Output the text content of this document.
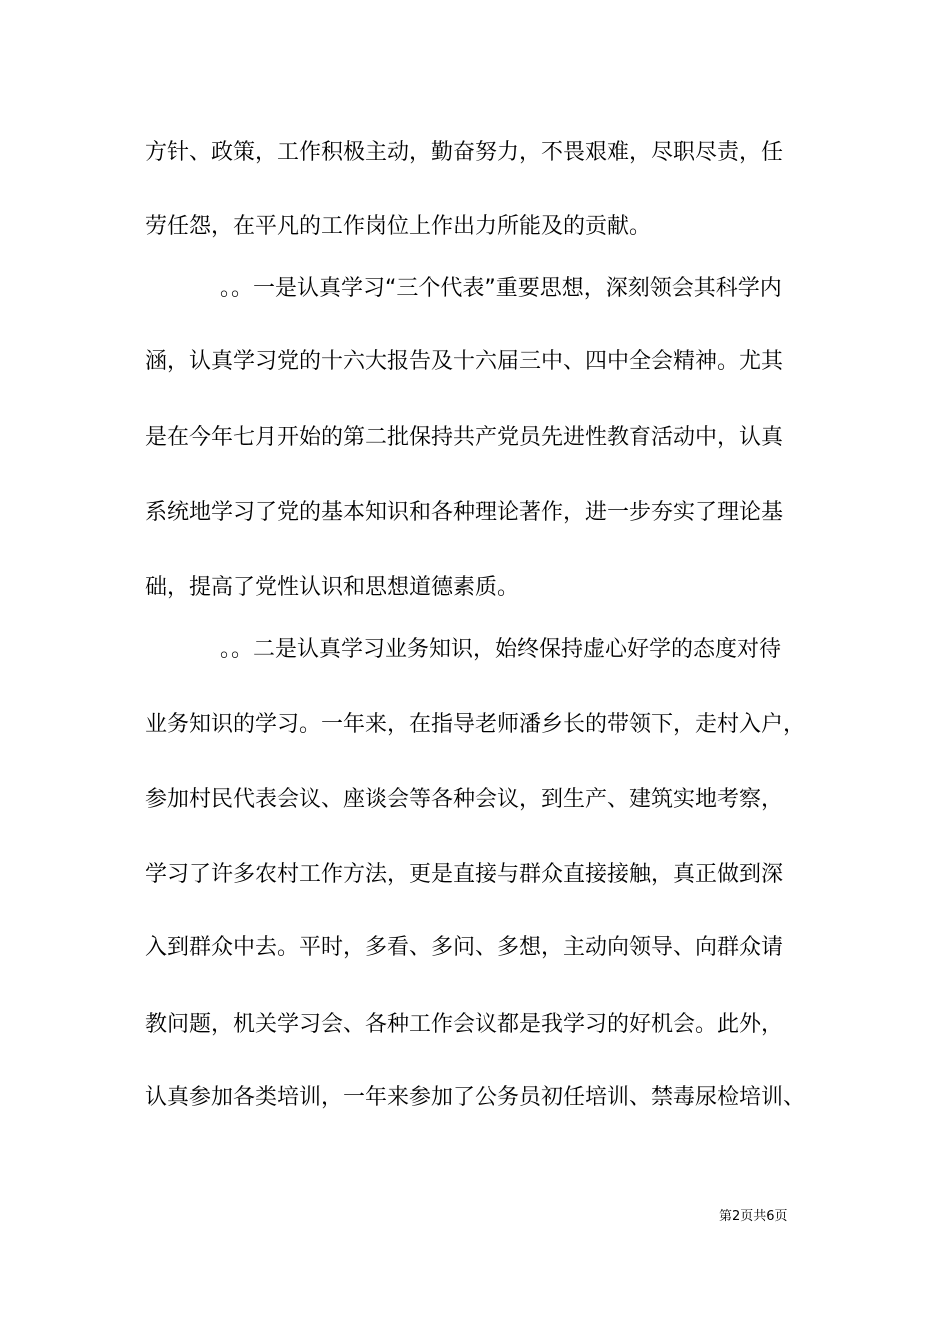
方针、政策，工作积极主动，勤奋努力，不畏艰难，尽职尽责，任
劳任怨，在平凡的工作岗位上作出力所能及的贡献。
。。一是认真学习“三个代表”重要思想，深刻领会其科学内
涵，认真学习党的十六大报告及十六届三中、四中全会精神。尤其
是在今年七月开始的第二批保持共产党员先进性教育活动中，认真
系统地学习了党的基本知识和各种理论著作，进一步夯实了理论基
础，提高了党性认识和思想道德素质。
。。二是认真学习业务知识，始终保持虚心好学的态度对待
业务知识的学习。一年来，在指导老师潘乡长的带领下，走村入户，
参加村民代表会议、座谈会等各种会议，到生产、建筑实地考察，
学习了许多农村工作方法，更是直接与群众直接接触，真正做到深
入到群众中去。平时，多看、多问、多想，主动向领导、向群众请
教问题，机关学习会、各种工作会议都是我学习的好机会。此外，
认真参加各类培训，一年来参加了公务员初任培训、禁毒尿检培训、
第2页共6页
